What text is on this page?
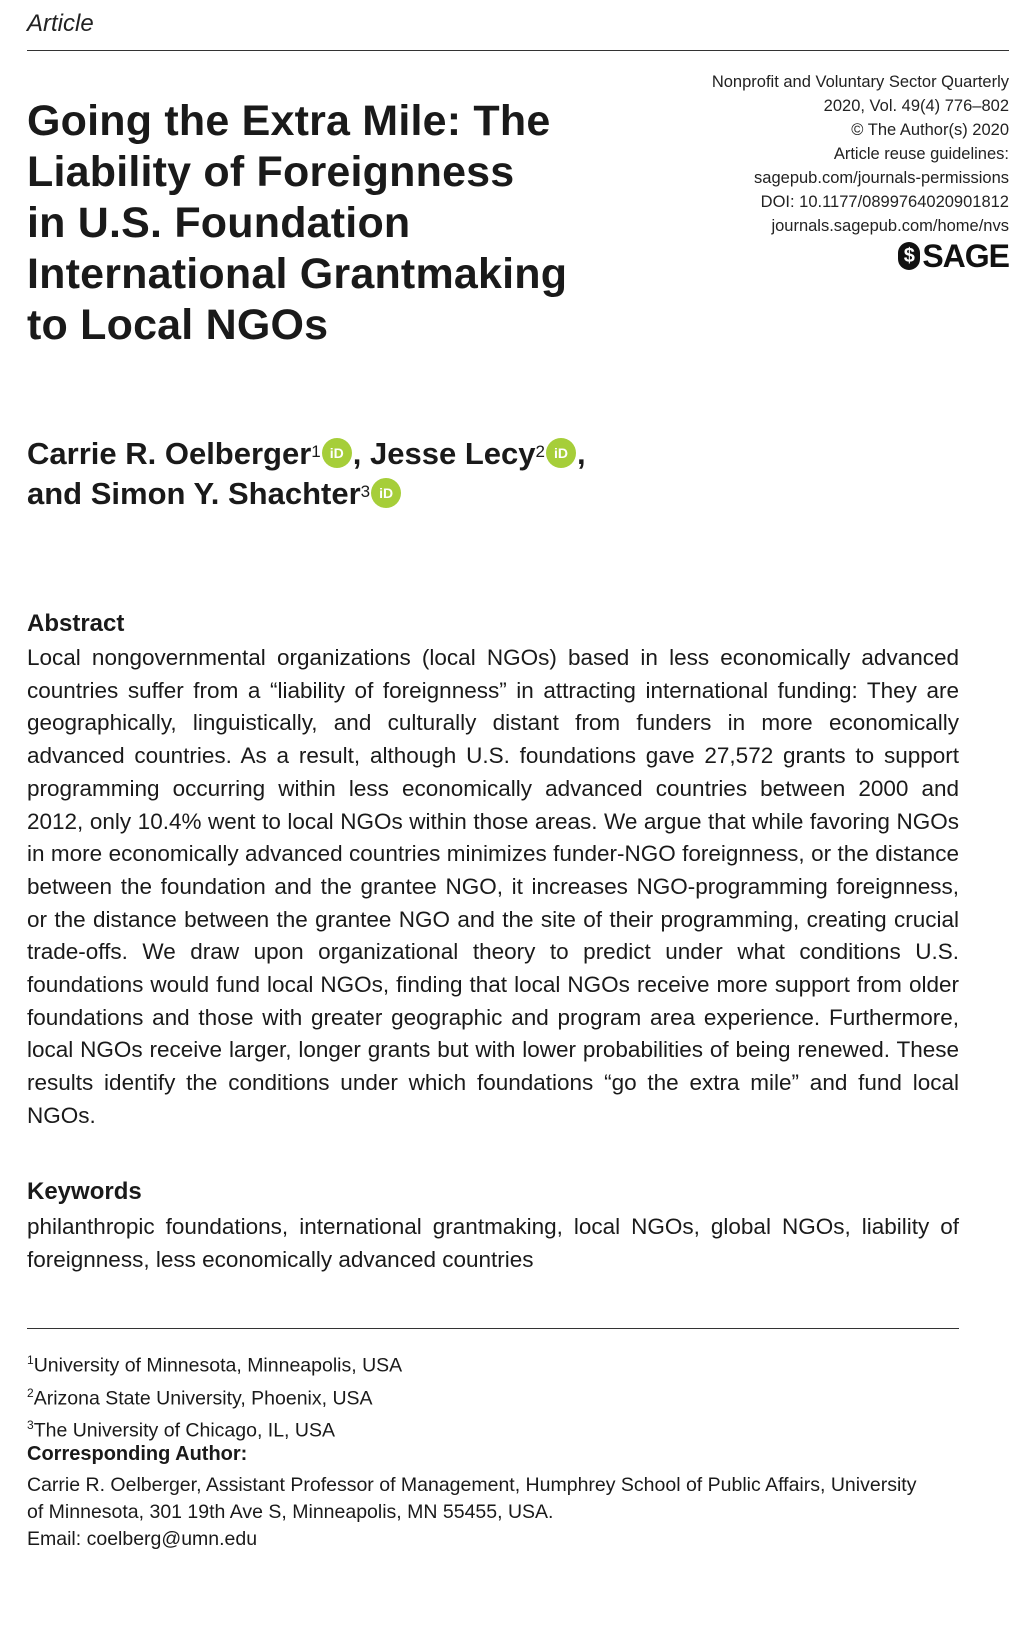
Article
Nonprofit and Voluntary Sector Quarterly
2020, Vol. 49(4) 776–802
© The Author(s) 2020
Article reuse guidelines:
sagepub.com/journals-permissions
DOI: 10.1177/0899764020901812
journals.sagepub.com/home/nvs
$ SAGE
Going the Extra Mile: The
Liability of Foreignness
in U.S. Foundation
International Grantmaking
to Local NGOs
Carrie R. Oelberger$^1$ iD , Jesse Lecy$^2$ iD ,
and Simon Y. Shachter$^3$ iD
Abstract
Local nongovernmental organizations (local NGOs) based in less economically advanced countries suffer from a “liability of foreignness” in attracting international funding: They are geographically, linguistically, and culturally distant from funders in more economically advanced countries. As a result, although U.S. foundations gave 27,572 grants to support programming occurring within less economically advanced countries between 2000 and 2012, only 10.4% went to local NGOs within those areas. We argue that while favoring NGOs in more economically advanced countries minimizes funder-NGO foreignness, or the distance between the foundation and the grantee NGO, it increases NGO-programming foreignness, or the distance between the grantee NGO and the site of their programming, creating crucial trade-offs. We draw upon organizational theory to predict under what conditions U.S. foundations would fund local NGOs, finding that local NGOs receive more support from older foundations and those with greater geographic and program area experience. Furthermore, local NGOs receive larger, longer grants but with lower probabilities of being renewed. These results identify the conditions under which foundations “go the extra mile” and fund local NGOs.
Keywords
philanthropic foundations, international grantmaking, local NGOs, global NGOs, liability of foreignness, less economically advanced countries
$^1$University of Minnesota, Minneapolis, USA
$^2$Arizona State University, Phoenix, USA
$^3$The University of Chicago, IL, USA
Corresponding Author:
Carrie R. Oelberger, Assistant Professor of Management, Humphrey School of Public Affairs, University
of Minnesota, 301 19th Ave S, Minneapolis, MN 55455, USA.
Email: coelberg@umn.edu
